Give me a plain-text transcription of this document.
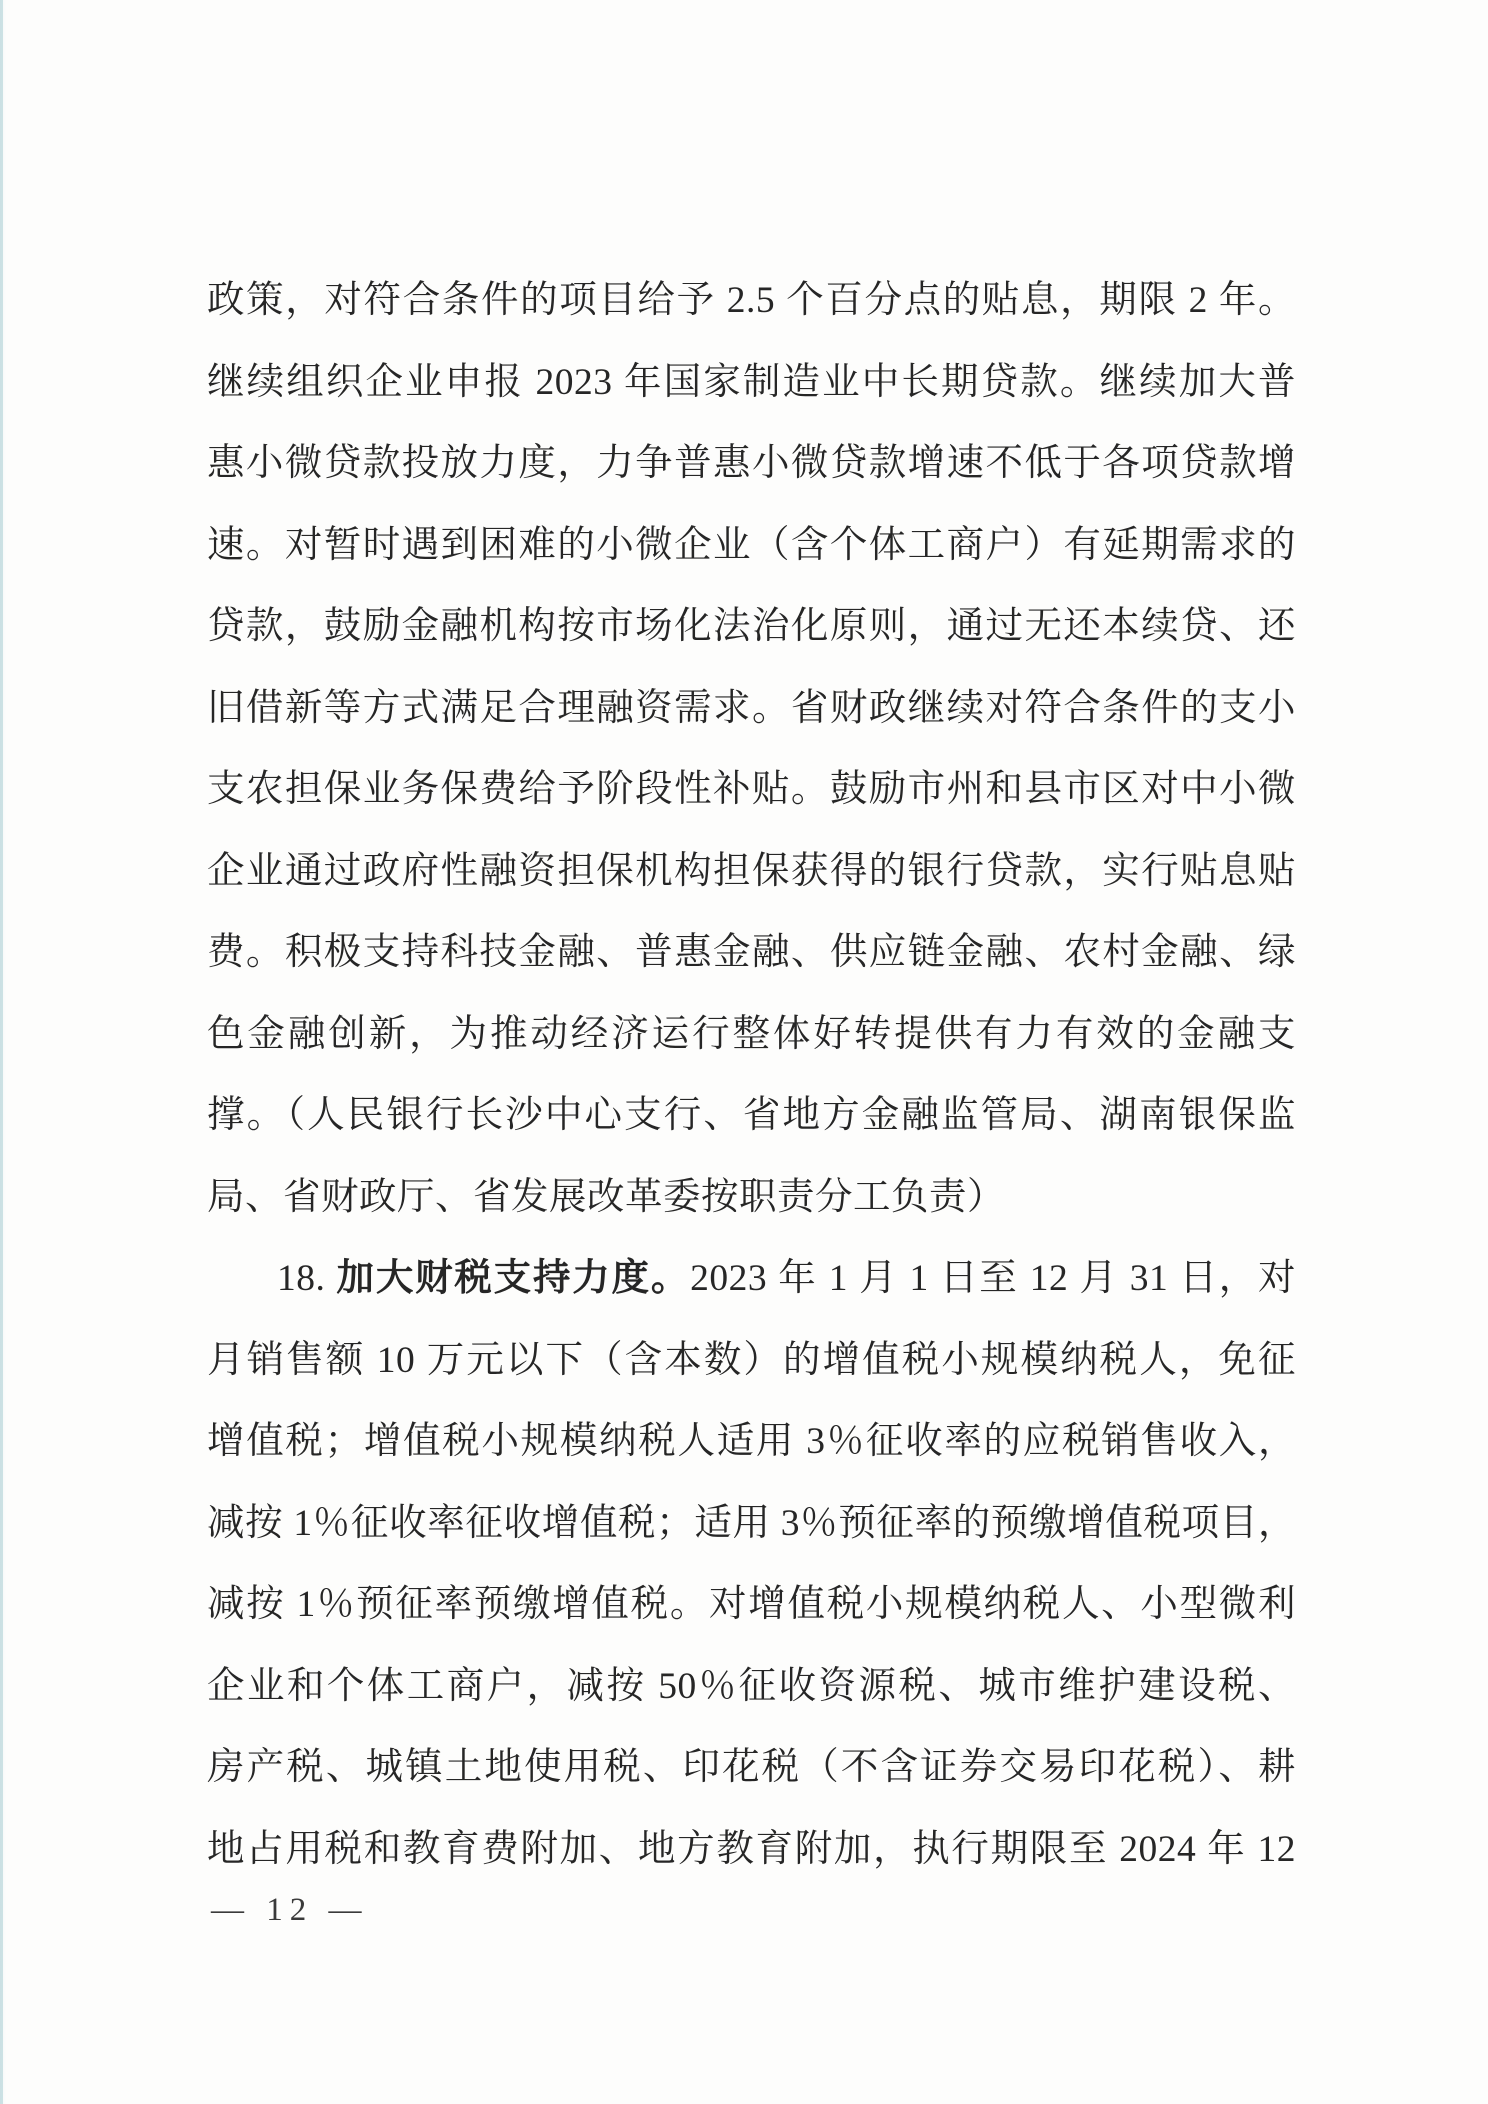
政策，对符合条件的项目给予 2.5 个百分点的贴息，期限 2 年。
继续组织企业申报 2023 年国家制造业中长期贷款。继续加大普
惠小微贷款投放力度，力争普惠小微贷款增速不低于各项贷款增
速。对暂时遇到困难的小微企业（含个体工商户）有延期需求的
贷款，鼓励金融机构按市场化法治化原则，通过无还本续贷、还
旧借新等方式满足合理融资需求。省财政继续对符合条件的支小
支农担保业务保费给予阶段性补贴。鼓励市州和县市区对中小微
企业通过政府性融资担保机构担保获得的银行贷款，实行贴息贴
费。积极支持科技金融、普惠金融、供应链金融、农村金融、绿
色金融创新，为推动经济运行整体好转提供有力有效的金融支
撑。（人民银行长沙中心支行、省地方金融监管局、湖南银保监
局、省财政厅、省发展改革委按职责分工负责）
18. 加大财税支持力度。2023 年 1 月 1 日至 12 月 31 日，对
月销售额 10 万元以下（含本数）的增值税小规模纳税人，免征
增值税；增值税小规模纳税人适用 3％征收率的应税销售收入，
减按 1％征收率征收增值税；适用 3％预征率的预缴增值税项目，
减按 1％预征率预缴增值税。对增值税小规模纳税人、小型微利
企业和个体工商户，减按 50％征收资源税、城市维护建设税、
房产税、城镇土地使用税、印花税（不含证券交易印花税）、耕
地占用税和教育费附加、地方教育附加，执行期限至 2024 年 12
— 12 —
